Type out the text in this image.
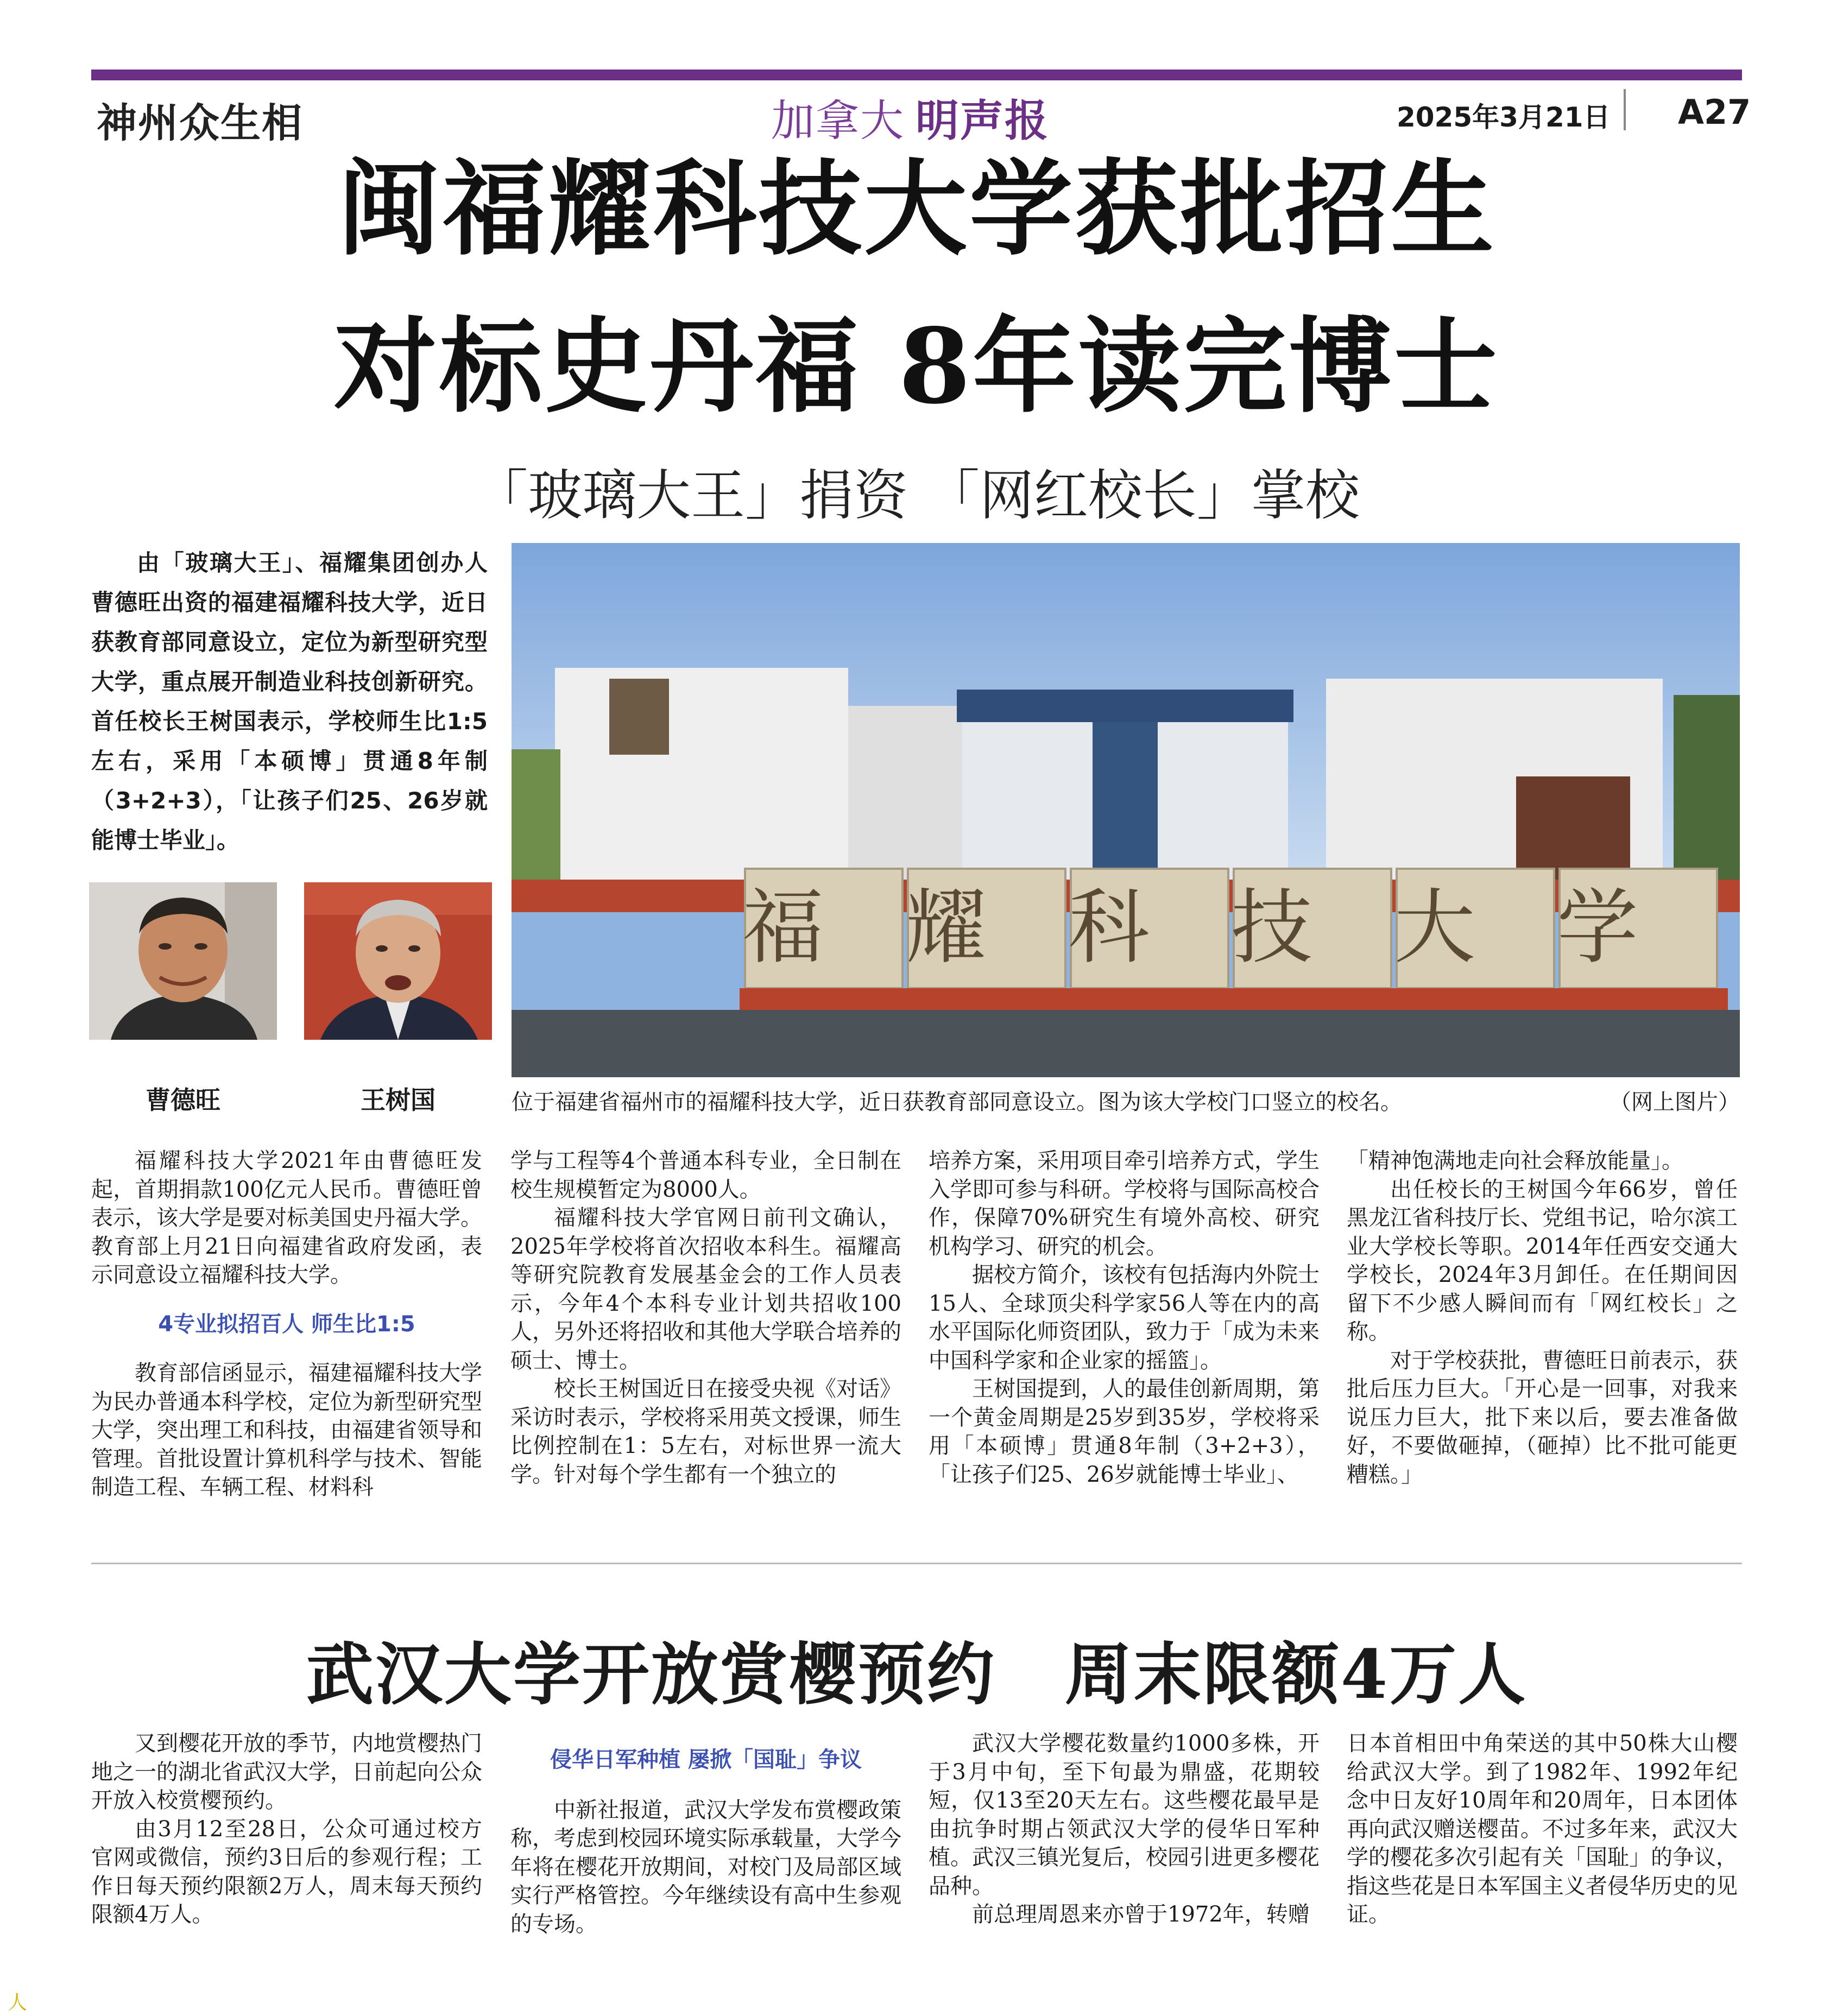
神州众生相	加拿大 明声报	2025年3月21日 A27
闽福耀科技大学获批招生
对标史丹福 8年读完博士
「玻璃大王」捐资 「网红校长」掌校

由「玻璃大王」、福耀集团创办人曹德旺出资的福建福耀科技大学，近日获教育部同意设立，定位为新型研究型大学，重点展开制造业科技创新研究。首任校长王树国表示，学校师生比1:5左右，采用「本硕博」贯通8年制（3+2+3），「让孩子们25、26岁就能博士毕业」。

曹德旺	王树国
福耀科技大学
位于福建省福州市的福耀科技大学，近日获教育部同意设立。图为该大学校门口竖立的校名。	（网上图片）

福耀科技大学2021年由曹德旺发起，首期捐款100亿元人民币。曹德旺曾表示，该大学是要对标美国史丹福大学。教育部上月21日向福建省政府发函，表示同意设立福耀科技大学。

4专业拟招百人 师生比1:5

教育部信函显示，福建福耀科技大学为民办普通本科学校，定位为新型研究型大学，突出理工和科技，由福建省领导和管理。首批设置计算机科学与技术、智能制造工程、车辆工程、材料科

学与工程等4个普通本科专业，全日制在校生规模暂定为8000人。

福耀科技大学官网日前刊文确认，2025年学校将首次招收本科生。福耀高等研究院教育发展基金会的工作人员表示，今年4个本科专业计划共招收100人，另外还将招收和其他大学联合培养的硕士、博士。

校长王树国近日在接受央视《对话》采访时表示，学校将采用英文授课，师生比例控制在1：5左右，对标世界一流大学。针对每个学生都有一个独立的

培养方案，采用项目牵引培养方式，学生入学即可参与科研。学校将与国际高校合作，保障70%研究生有境外高校、研究机构学习、研究的机会。

据校方简介，该校有包括海内外院士15人、全球顶尖科学家56人等在内的高水平国际化师资团队，致力于「成为未来中国科学家和企业家的摇篮」。

王树国提到，人的最佳创新周期，第一个黄金周期是25岁到35岁，学校将采用「本硕博」贯通8年制（3+2+3），「让孩子们25、26岁就能博士毕业」、

「精神饱满地走向社会释放能量」。

出任校长的王树国今年66岁，曾任黑龙江省科技厅长、党组书记，哈尔滨工业大学校长等职。2014年任西安交通大学校长，2024年3月卸任。在任期间因留下不少感人瞬间而有「网红校长」之称。

对于学校获批，曹德旺日前表示，获批后压力巨大。「开心是一回事，对我来说压力巨大，批下来以后，要去准备做好，不要做砸掉，（砸掉）比不批可能更糟糕。」

武汉大学开放赏樱预约　周末限额4万人

又到樱花开放的季节，内地赏樱热门地之一的湖北省武汉大学，日前起向公众开放入校赏樱预约。

由3月12至28日，公众可通过校方官网或微信，预约3日后的参观行程；工作日每天预约限额2万人，周末每天预约限额4万人。

侵华日军种植 屡掀「国耻」争议

中新社报道，武汉大学发布赏樱政策称，考虑到校园环境实际承载量，大学今年将在樱花开放期间，对校门及局部区域实行严格管控。今年继续设有高中生参观的专场。

武汉大学樱花数量约1000多株，开于3月中旬，至下旬最为鼎盛，花期较短，仅13至20天左右。这些樱花最早是由抗争时期占领武汉大学的侵华日军种植。武汉三镇光复后，校园引进更多樱花品种。

前总理周恩来亦曾于1972年，转赠

日本首相田中角荣送的其中50株大山樱给武汉大学。到了1982年、1992年纪念中日友好10周年和20周年，日本团体再向武汉赠送樱苗。不过多年来，武汉大学的樱花多次引起有关「国耻」的争议，指这些花是日本军国主义者侵华历史的见证。

人
